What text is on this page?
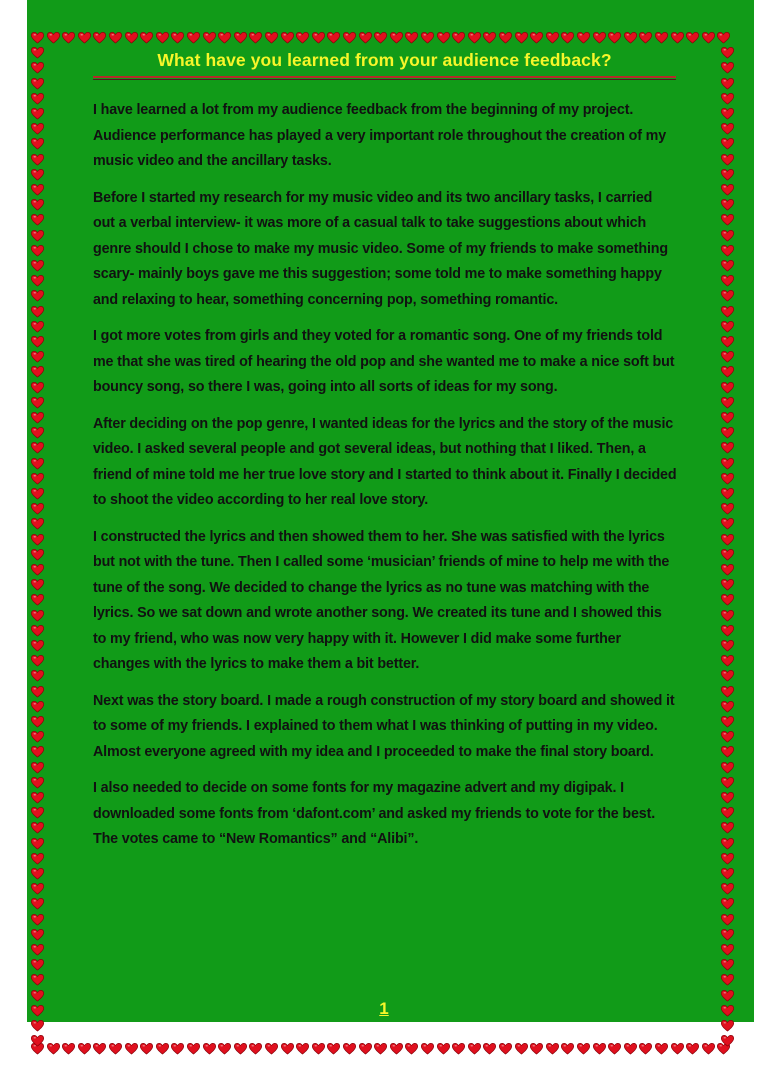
What have you learned from your audience feedback?

I have learned a lot from my audience feedback from the beginning of my project. Audience performance has played a very important role throughout the creation of my music video and the ancillary tasks.

Before I started my research for my music video and its two ancillary tasks, I carried out a verbal interview- it was more of a casual talk to take suggestions about which genre should I chose to make my music video. Some of my friends to make something scary- mainly boys gave me this suggestion; some told me to make something happy and relaxing to hear, something concerning pop, something romantic.

I got more votes from girls and they voted for a romantic song. One of my friends told me that she was tired of hearing the old pop and she wanted me to make a nice soft but bouncy song, so there I was, going into all sorts of ideas for my song.

After deciding on the pop genre, I wanted ideas for the lyrics and the story of the music video. I asked several people and got several ideas, but nothing that I liked. Then, a friend of mine told me her true love story and I started to think about it. Finally I decided to shoot the video according to her real love story.

I constructed the lyrics and then showed them to her. She was satisfied with the lyrics but not with the tune. Then I called some ‘musician’ friends of mine to help me with the tune of the song. We decided to change the lyrics as no tune was matching with the lyrics. So we sat down and wrote another song. We created its tune and I showed this to my friend, who was now very happy with it. However I did make some further changes with the lyrics to make them a bit better.

Next was the story board. I made a rough construction of my story board and showed it to some of my friends. I explained to them what I was thinking of putting in my video. Almost everyone agreed with my idea and I proceeded to make the final story board.

I also needed to decide on some fonts for my magazine advert and my digipak. I downloaded some fonts from ‘dafont.com’ and asked my friends to vote for the best. The votes came to “New Romantics” and “Alibi”.

1
